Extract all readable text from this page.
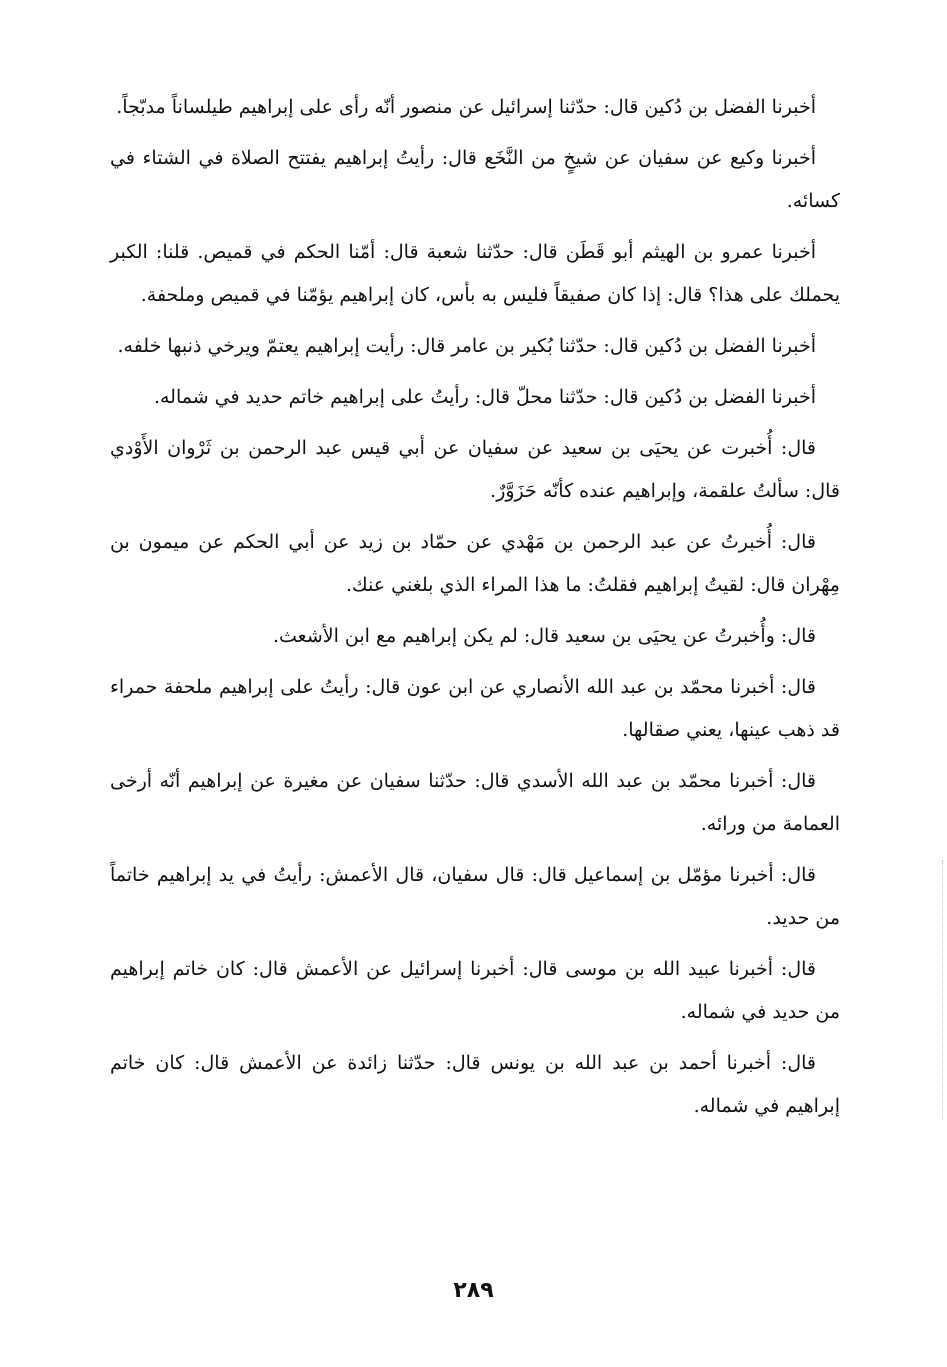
أخبرنا الفضل بن دُكين قال: حدّثنا إسرائيل عن منصور أنّه رأى على إبراهيم طيلساناً مدبّجاً.

أخبرنا وكيع عن سفيان عن شيخٍ من النَّخَع قال: رأيتُ إبراهيم يفتتح الصلاة في الشتاء في كسائه.

أخبرنا عمرو بن الهيثم أبو قَطَن قال: حدّثنا شعبة قال: أمّنا الحكم في قميص. قلنا: الكبر يحملك على هذا؟ قال: إذا كان صفيقاً فليس به بأس، كان إبراهيم يؤمّنا في قميص وملحفة.

أخبرنا الفضل بن دُكين قال: حدّثنا بُكير بن عامر قال: رأيت إبراهيم يعتمّ ويرخي ذنبها خلفه.

أخبرنا الفضل بن دُكين قال: حدّثنا محلّ قال: رأيتُ على إبراهيم خاتم حديد في شماله.

قال: أُخبرت عن يحيَى بن سعيد عن سفيان عن أبي قيس عبد الرحمن بن ثَرْوان الأَوْدي قال: سألتُ علقمة، وإبراهيم عنده كأنّه حَزَوَّرٌ.

قال: أُخبرتُ عن عبد الرحمن بن مَهْدي عن حمّاد بن زيد عن أبي الحكم عن ميمون بن مِهْران قال: لقيتُ إبراهيم فقلتُ: ما هذا المراء الذي بلغني عنك.

قال: وأُخبرتُ عن يحيَى بن سعيد قال: لم يكن إبراهيم مع ابن الأشعث.

قال: أخبرنا محمّد بن عبد الله الأنصاري عن ابن عون قال: رأيتُ على إبراهيم ملحفة حمراء قد ذهب عينها، يعني صقالها.

قال: أخبرنا محمّد بن عبد الله الأسدي قال: حدّثنا سفيان عن مغيرة عن إبراهيم أنّه أرخى العمامة من ورائه.

قال: أخبرنا مؤمّل بن إسماعيل قال: قال سفيان، قال الأعمش: رأيتُ في يد إبراهيم خاتماً من حديد.

قال: أخبرنا عبيد الله بن موسى قال: أخبرنا إسرائيل عن الأعمش قال: كان خاتم إبراهيم من حديد في شماله.

قال: أخبرنا أحمد بن عبد الله بن يونس قال: حدّثنا زائدة عن الأعمش قال: كان خاتم إبراهيم في شماله.

٢٨٩
